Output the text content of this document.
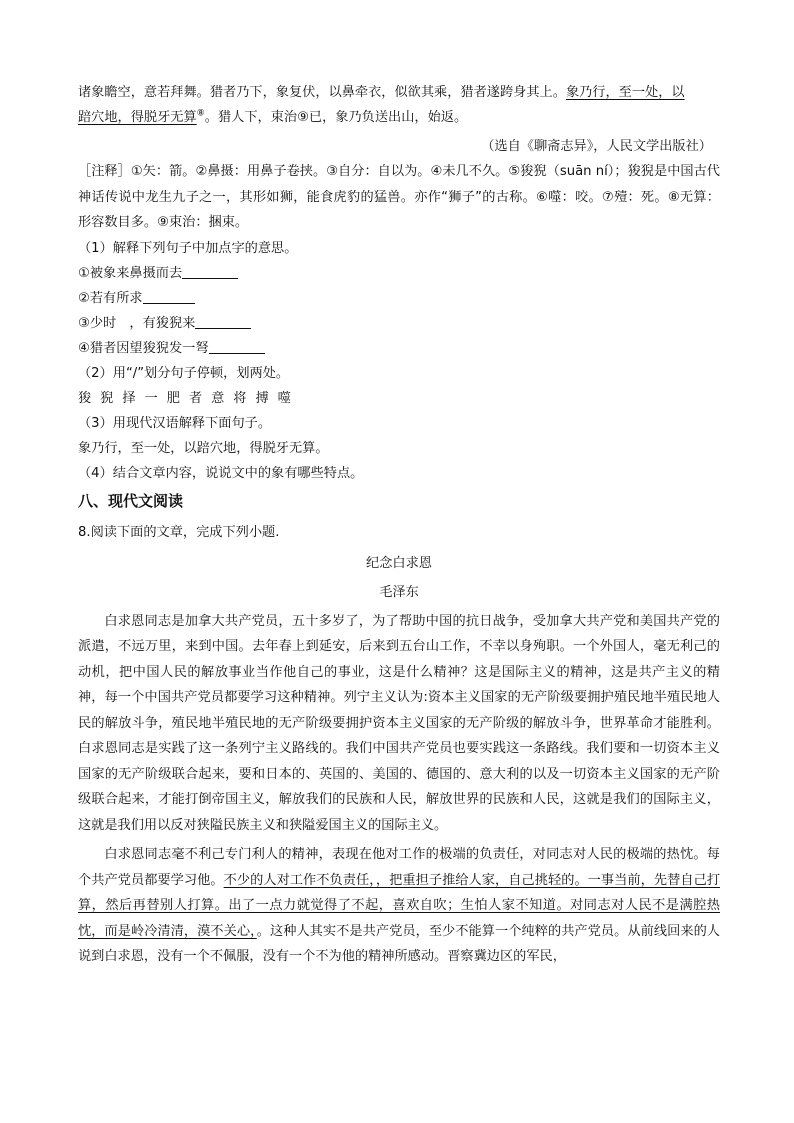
诸象瞻空，意若拜舞。猎者乃下，象复伏，以鼻牵衣，似欲其乘，猎者遂跨身其上。象乃行，至一处，以
踣穴地，得脱牙无算⑧。猎人下，束治⑨已，象乃负送出山，始返。
（选自《聊斋志异》，人民文学出版社）
［注释］①矢：箭。②鼻摄：用鼻子卷挟。③自分：自以为。④未几不久。⑤狻猊（suān ní）；狻猊是中国古代神话传说中龙生九子之一，其形如狮，能食虎豹的猛兽。亦作“狮子”的古称。⑥噬：咬。⑦殪：死。⑧无算：形容数目多。⑨束治：捆束。
（1）解释下列句子中加点字的意思。
①被象来鼻摄而去
②若有所求
③少时　，有狻猊来
④猎者因望狻猊发一弩
（2）用“/”划分句子停顿，划两处。
狻猊择一肥者意将搏噬
（3）用现代汉语解释下面句子。
象乃行，至一处，以踣穴地，得脱牙无算。
（4）结合文章内容，说说文中的象有哪些特点。
八、现代文阅读
8.阅读下面的文章，完成下列小题.
纪念白求恩
毛泽东
白求恩同志是加拿大共产党员，五十多岁了，为了帮助中国的抗日战争，受加拿大共产党和美国共产党的派遣，不远万里，来到中国。去年春上到延安，后来到五台山工作，不幸以身殉职。一个外国人，毫无利己的动机，把中国人民的解放事业当作他自己的事业，这是什么精神？这是国际主义的精神，这是共产主义的精神，每一个中国共产党员都要学习这种精神。列宁主义认为:资本主义国家的无产阶级要拥护殖民地半殖民地人民的解放斗争，殖民地半殖民地的无产阶级要拥护资本主义国家的无产阶级的解放斗争，世界革命才能胜利。白求恩同志是实践了这一条列宁主义路线的。我们中国共产党员也要实践这一条路线。我们要和一切资本主义国家的无产阶级联合起来，要和日本的、英国的、美国的、德国的、意大利的以及一切资本主义国家的无产阶级联合起来，才能打倒帝国主义，解放我们的民族和人民，解放世界的民族和人民，这就是我们的国际主义，这就是我们用以反对狭隘民族主义和狭隘爱国主义的国际主义。
白求恩同志毫不利己专门利人的精神，表现在他对工作的极端的负责任，对同志对人民的极端的热忱。每个共产党员都要学习他。不少的人对工作不负责任，，把重担子推给人家，自己挑轻的。一事当前，先替自己打算，然后再替别人打算。出了一点力就觉得了不起，喜欢自吹；生怕人家不知道。对同志对人民不是满腔热忱，而是岭冷清清，漠不关心，。这种人其实不是共产党员，至少不能算一个纯粹的共产党员。从前线回来的人说到白求恩，没有一个不佩服，没有一个不为他的精神所感动。晋察冀边区的军民，
